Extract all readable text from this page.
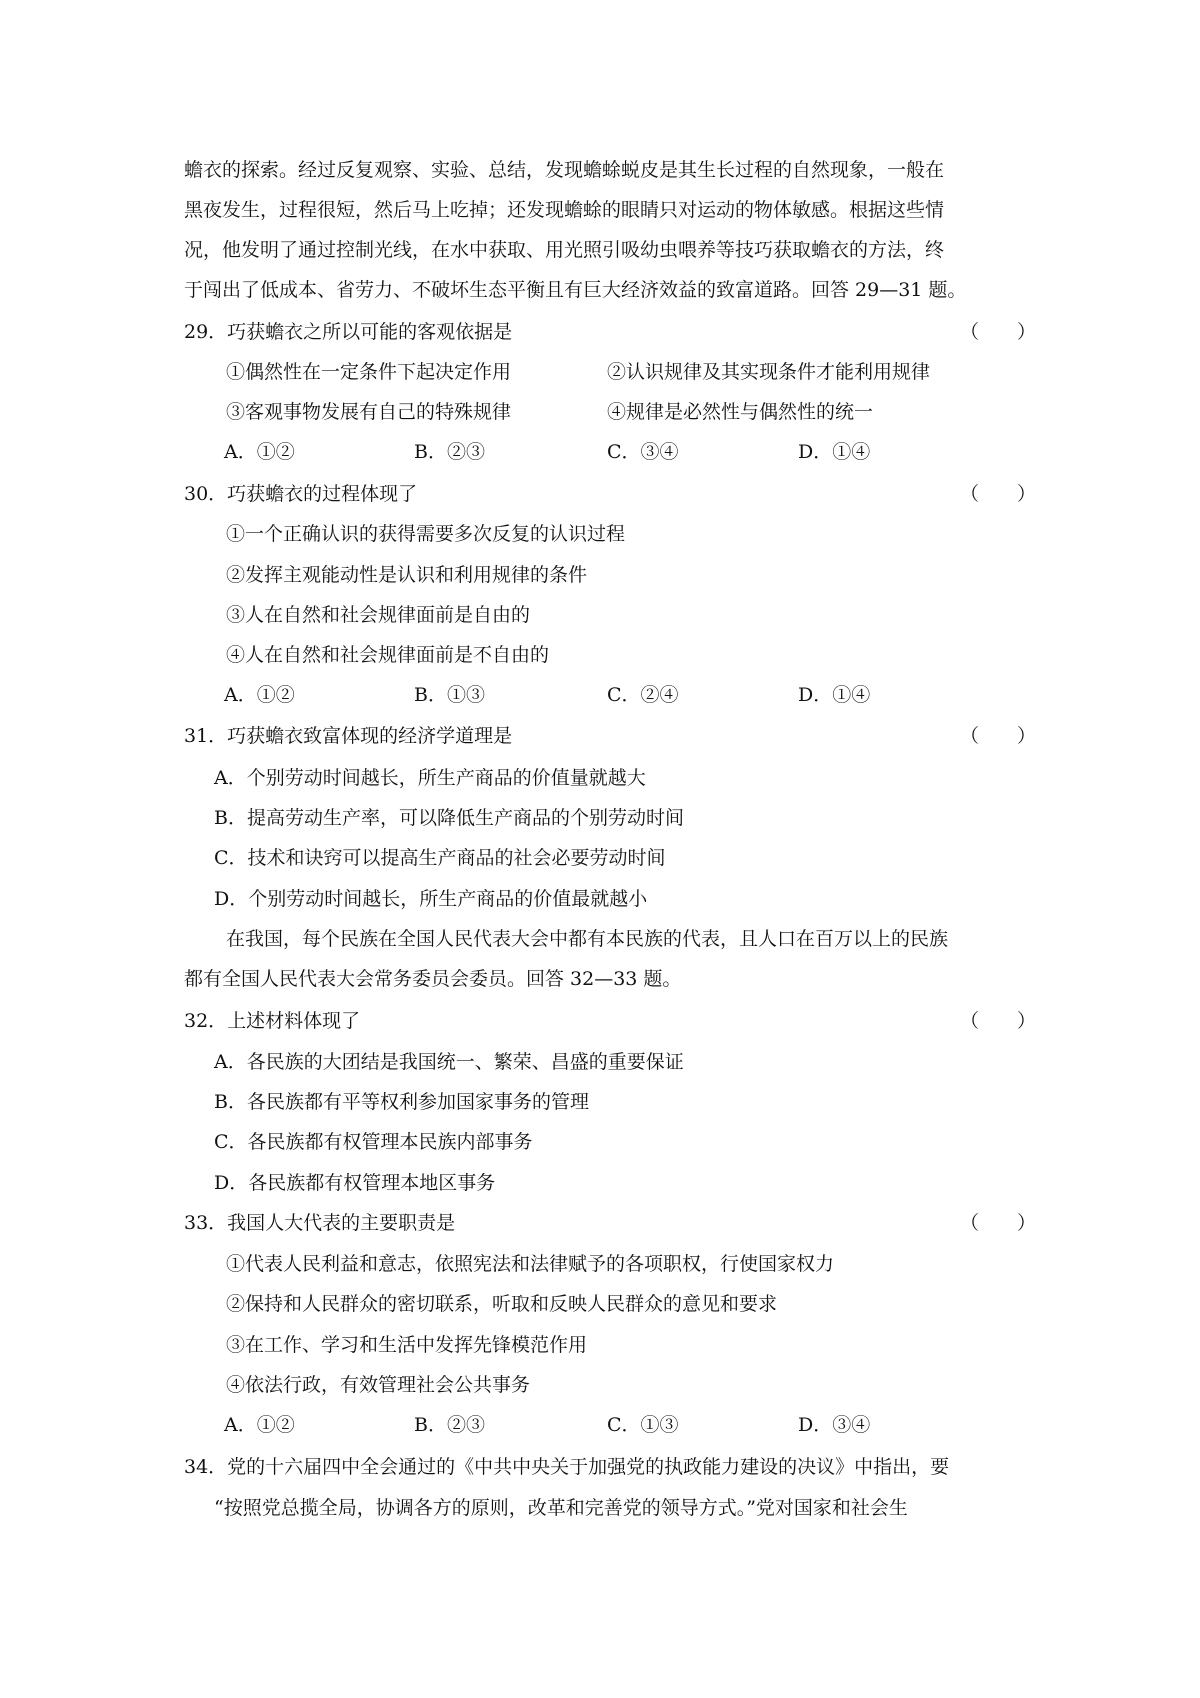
蟾衣的探索。经过反复观察、实验、总结，发现蟾蜍蜕皮是其生长过程的自然现象，一般在
黑夜发生，过程很短，然后马上吃掉；还发现蟾蜍的眼睛只对运动的物体敏感。根据这些情
况，他发明了通过控制光线，在水中获取、用光照引吸幼虫喂养等技巧获取蟾衣的方法，终
于闯出了低成本、省劳力、不破坏生态平衡且有巨大经济效益的致富道路。回答 29—31 题。
29．巧获蟾衣之所以可能的客观依据是	（　　）
①偶然性在一定条件下起决定作用	②认识规律及其实现条件才能利用规律
③客观事物发展有自己的特殊规律	④规律是必然性与偶然性的统一
A．①②	B．②③	C．③④	D．①④
30．巧获蟾衣的过程体现了	（　　）
①一个正确认识的获得需要多次反复的认识过程
②发挥主观能动性是认识和利用规律的条件
③人在自然和社会规律面前是自由的
④人在自然和社会规律面前是不自由的
A．①②	B．①③	C．②④	D．①④
31．巧获蟾衣致富体现的经济学道理是	（　　）
A．个别劳动时间越长，所生产商品的价值量就越大
B．提高劳动生产率，可以降低生产商品的个别劳动时间
C．技术和诀窍可以提高生产商品的社会必要劳动时间
D．个别劳动时间越长，所生产商品的价值最就越小
在我国，每个民族在全国人民代表大会中都有本民族的代表，且人口在百万以上的民族
都有全国人民代表大会常务委员会委员。回答 32—33 题。
32．上述材料体现了	（　　）
A．各民族的大团结是我国统一、繁荣、昌盛的重要保证
B．各民族都有平等权利参加国家事务的管理
C．各民族都有权管理本民族内部事务
D．各民族都有权管理本地区事务
33．我国人大代表的主要职责是	（　　）
①代表人民利益和意志，依照宪法和法律赋予的各项职权，行使国家权力
②保持和人民群众的密切联系，听取和反映人民群众的意见和要求
③在工作、学习和生活中发挥先锋模范作用
④依法行政，有效管理社会公共事务
A．①②	B．②③	C．①③	D．③④
34．党的十六届四中全会通过的《中共中央关于加强党的执政能力建设的决议》中指出，要
“按照党总揽全局，协调各方的原则，改革和完善党的领导方式。”党对国家和社会生
